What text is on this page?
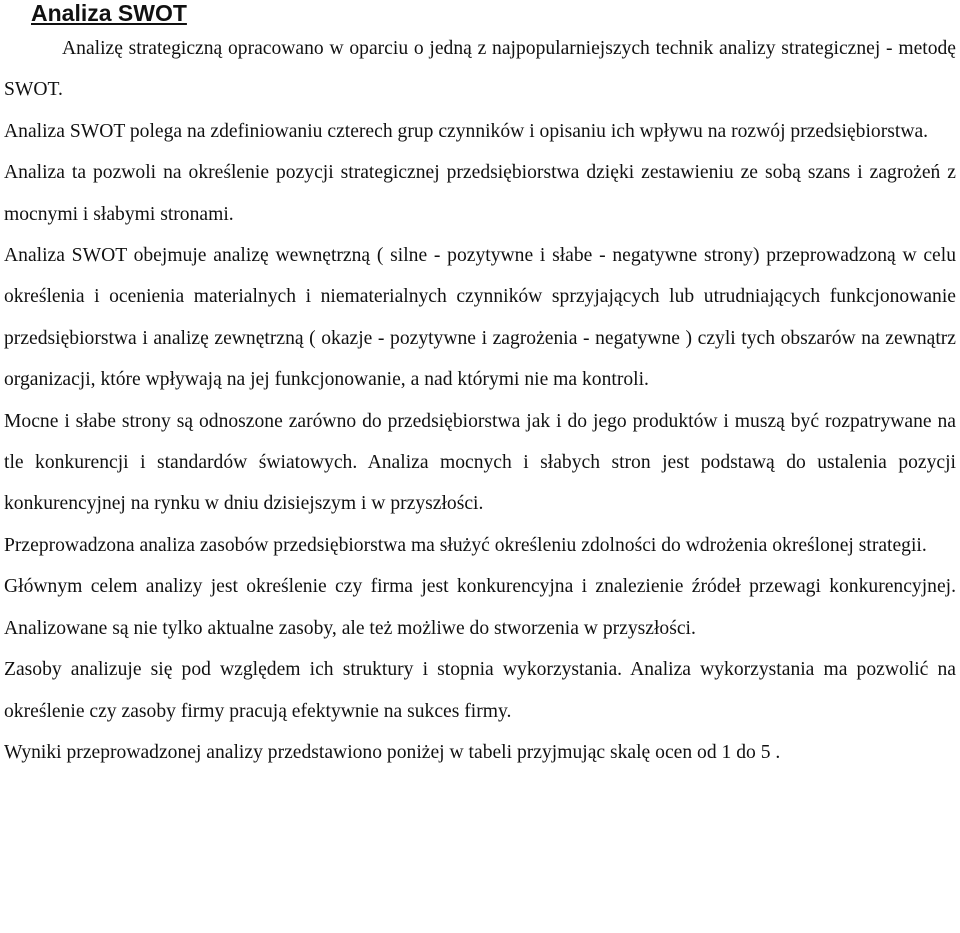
Analiza SWOT

Analizę strategiczną opracowano w oparciu o jedną z najpopularniejszych technik analizy strategicznej - metodę SWOT.

Analiza SWOT polega na zdefiniowaniu czterech grup czynników i opisaniu ich wpływu na rozwój przedsiębiorstwa.

Analiza ta pozwoli na określenie pozycji strategicznej przedsiębiorstwa dzięki zestawieniu ze sobą szans i zagrożeń z mocnymi i słabymi stronami.

Analiza SWOT obejmuje analizę wewnętrzną ( silne - pozytywne i słabe - negatywne strony) przeprowadzoną w celu określenia i ocenienia materialnych i niematerialnych czynników sprzyjających lub utrudniających funkcjonowanie przedsiębiorstwa i analizę zewnętrzną ( okazje - pozytywne i zagrożenia - negatywne ) czyli tych obszarów na zewnątrz organizacji, które wpływają na jej funkcjonowanie, a nad którymi nie ma kontroli.

Mocne i słabe strony są odnoszone zarówno do przedsiębiorstwa jak i do jego produktów i muszą być rozpatrywane na tle konkurencji i standardów światowych. Analiza mocnych i słabych stron jest podstawą do ustalenia pozycji konkurencyjnej na rynku w dniu dzisiejszym i w przyszłości.

Przeprowadzona analiza zasobów przedsiębiorstwa ma służyć określeniu zdolności do wdrożenia określonej strategii.

Głównym celem analizy jest określenie czy firma jest konkurencyjna i znalezienie źródeł przewagi konkurencyjnej. Analizowane są nie tylko aktualne zasoby, ale też możliwe do stworzenia w przyszłości.

Zasoby analizuje się pod względem ich struktury i stopnia wykorzystania. Analiza wykorzystania ma pozwolić na określenie czy zasoby firmy pracują efektywnie na sukces firmy.

Wyniki przeprowadzonej analizy przedstawiono poniżej w tabeli przyjmując skalę ocen od 1 do 5 .
